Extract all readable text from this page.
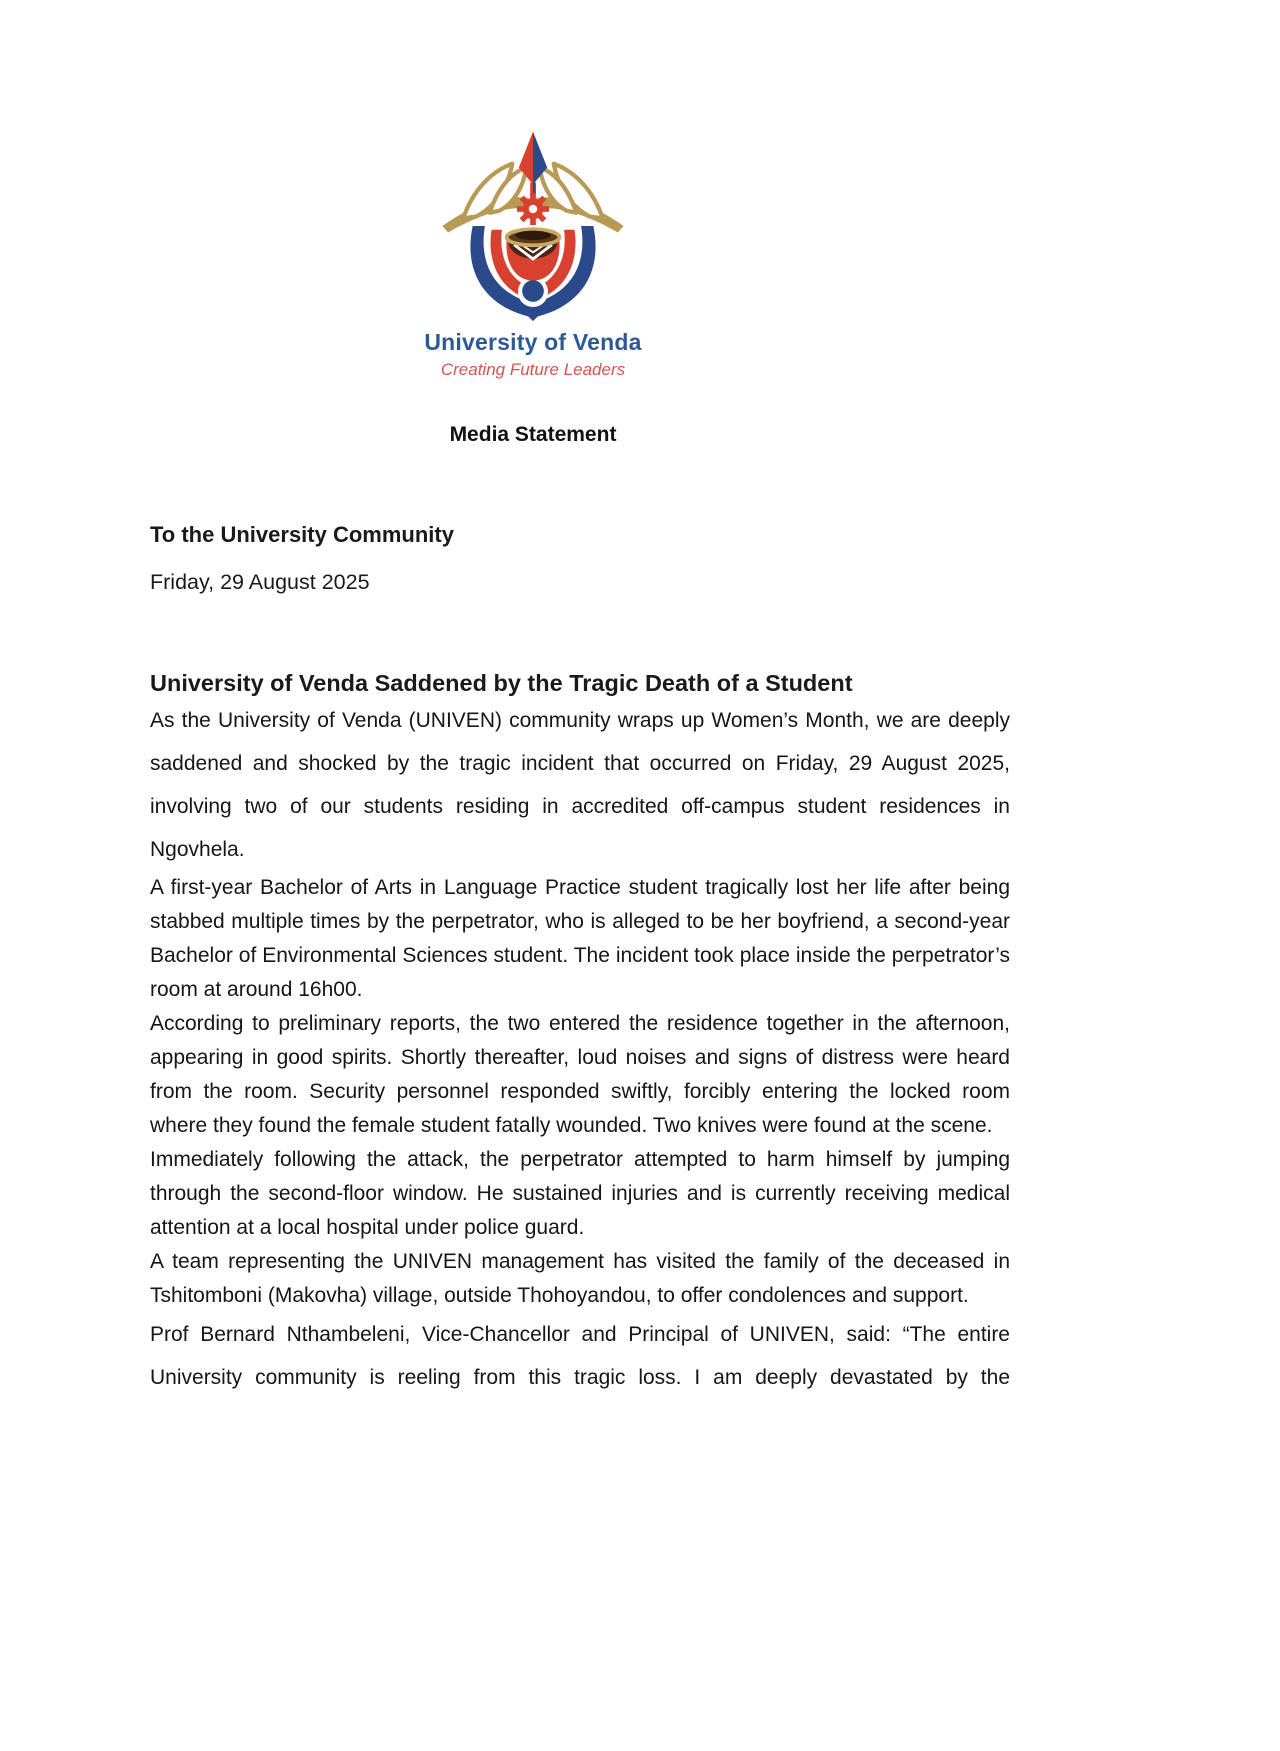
University of Venda
Creating Future Leaders
Media Statement
To the University Community
Friday, 29 August 2025
University of Venda Saddened by the Tragic Death of a Student

As the University of Venda (UNIVEN) community wraps up Women’s Month, we are deeply saddened and shocked by the tragic incident that occurred on Friday, 29 August 2025, involving two of our students residing in accredited off-campus student residences in Ngovhela.

A first-year Bachelor of Arts in Language Practice student tragically lost her life after being stabbed multiple times by the perpetrator, who is alleged to be her boyfriend, a second-year Bachelor of Environmental Sciences student. The incident took place inside the perpetrator’s room at around 16h00.

According to preliminary reports, the two entered the residence together in the afternoon, appearing in good spirits. Shortly thereafter, loud noises and signs of distress were heard from the room. Security personnel responded swiftly, forcibly entering the locked room where they found the female student fatally wounded. Two knives were found at the scene.

Immediately following the attack, the perpetrator attempted to harm himself by jumping through the second-floor window. He sustained injuries and is currently receiving medical attention at a local hospital under police guard.

A team representing the UNIVEN management has visited the family of the deceased in Tshitomboni (Makovha) village, outside Thohoyandou, to offer condolences and support.

Prof Bernard Nthambeleni, Vice-Chancellor and Principal of UNIVEN, said: “The entire University community is reeling from this tragic loss. I am deeply devastated by the
